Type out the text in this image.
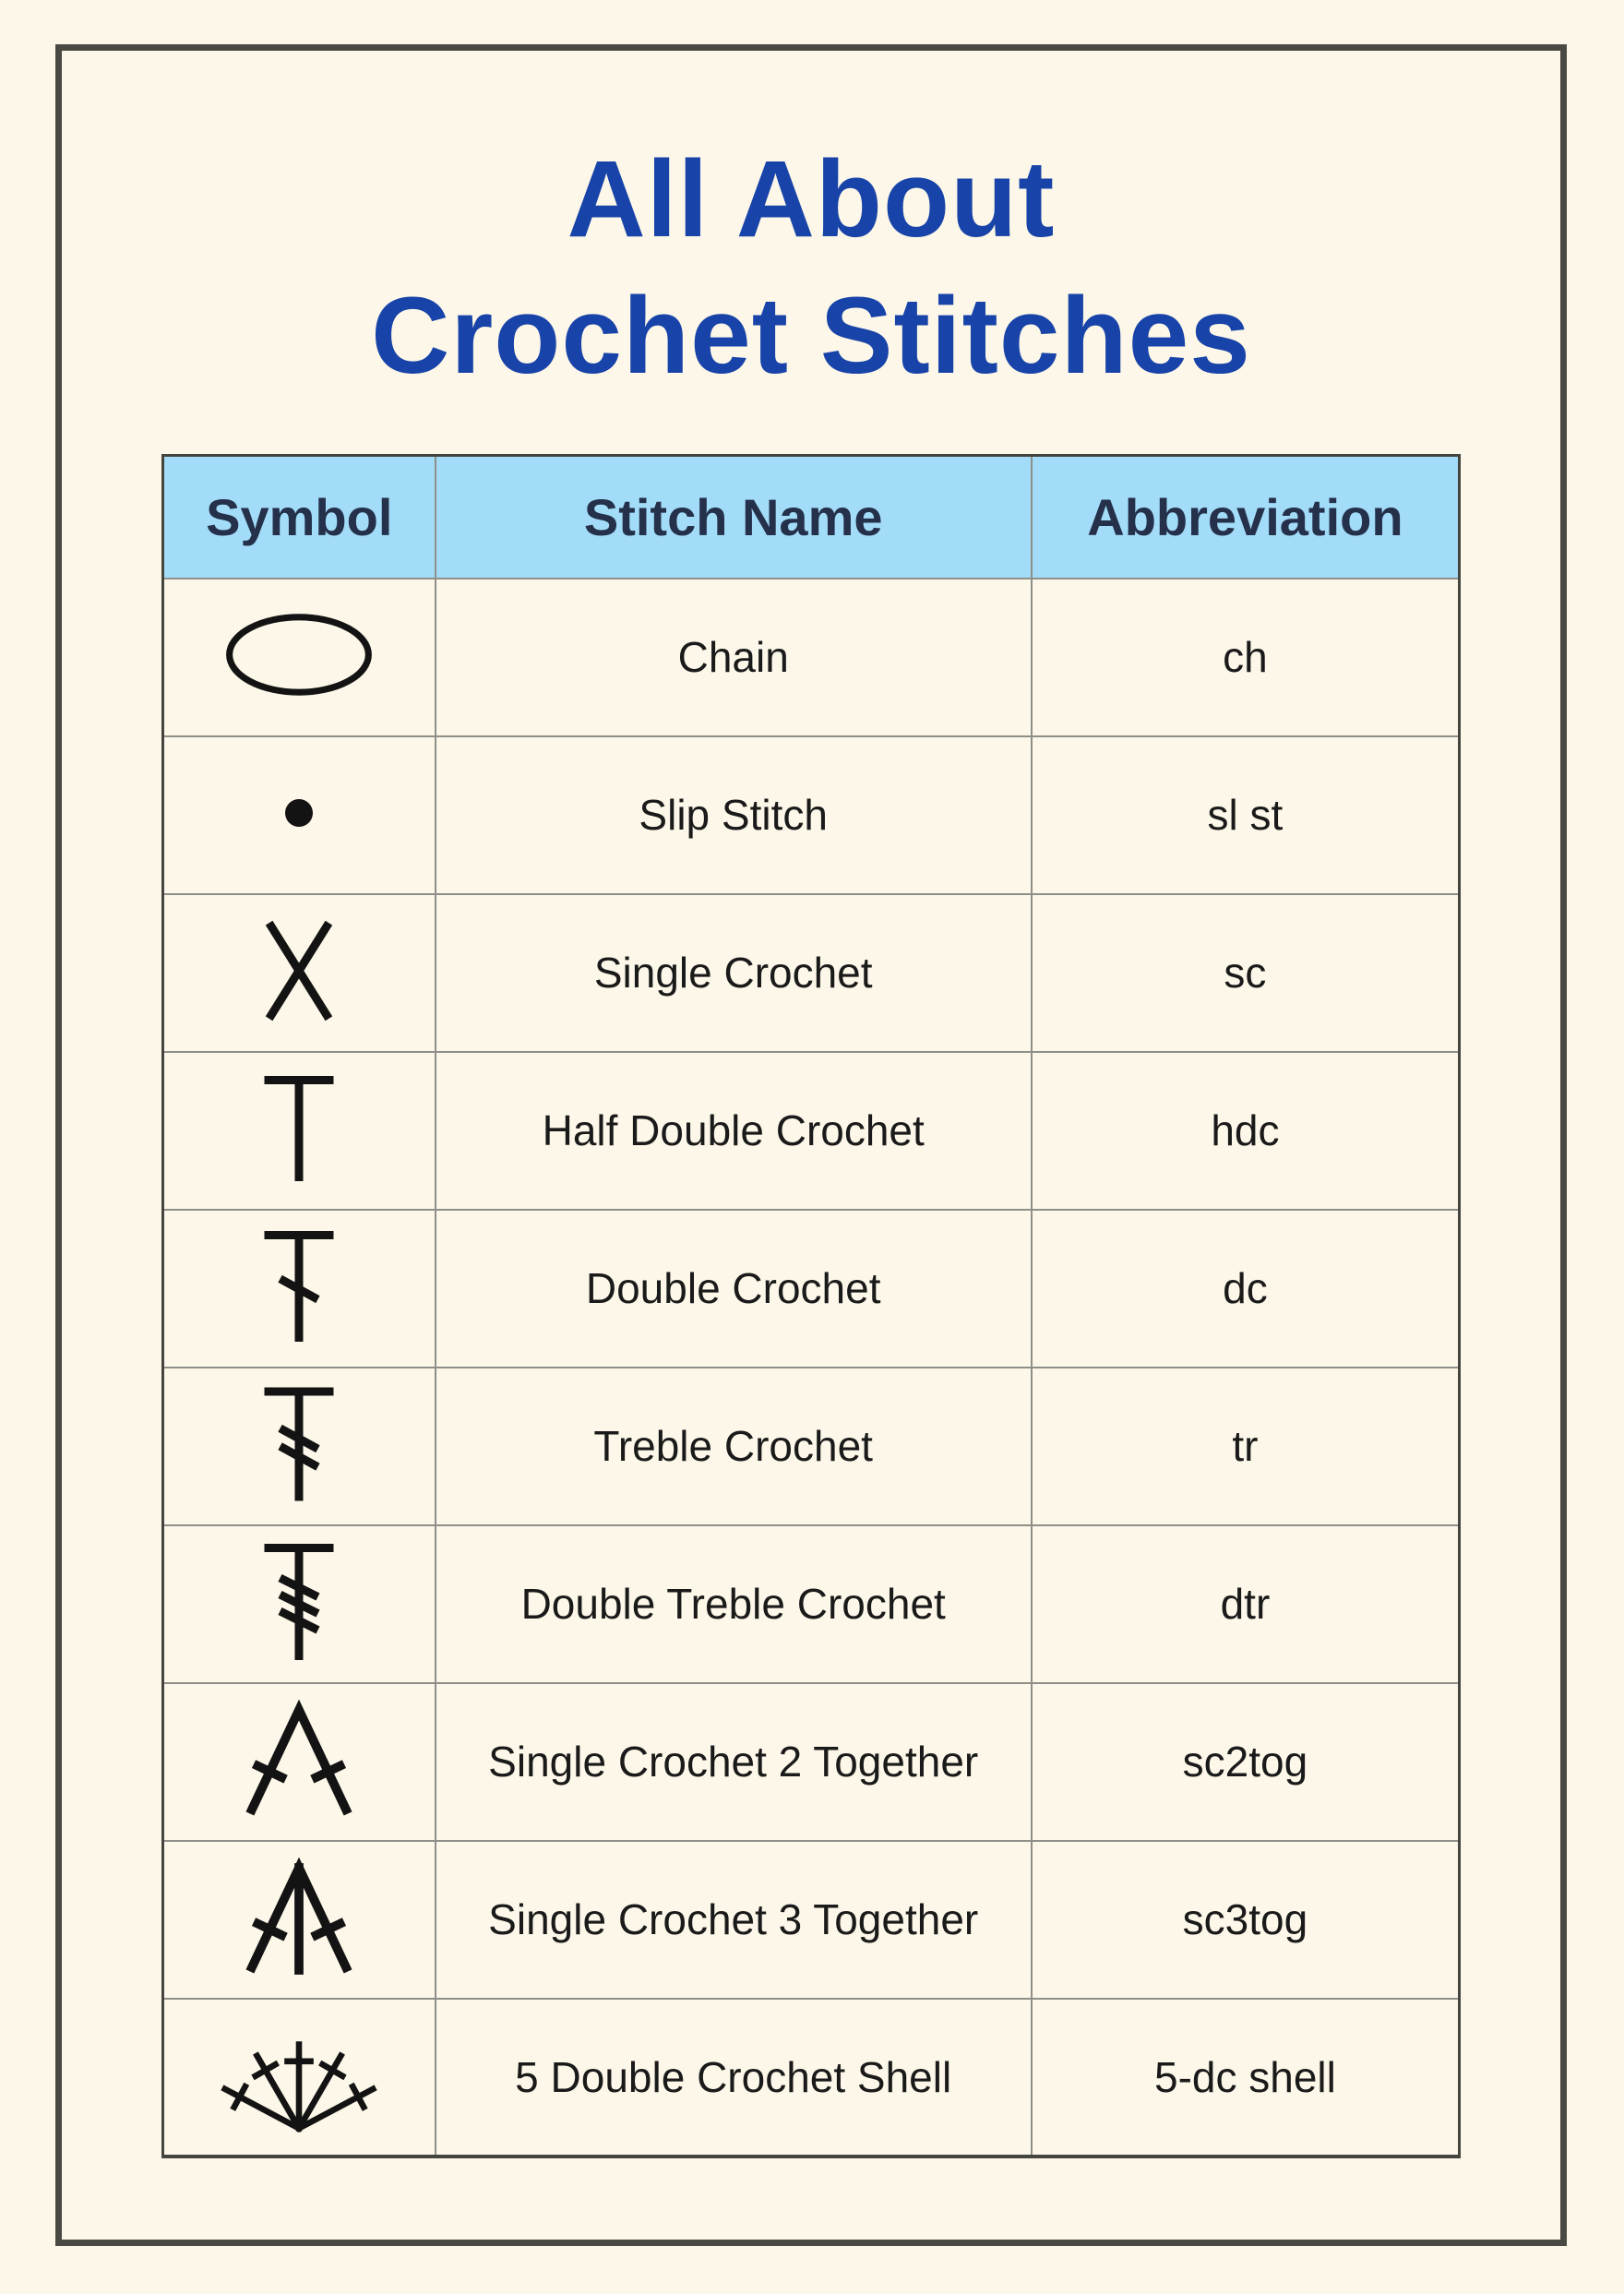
All About
Crochet Stitches
Symbol	Stitch Name	Abbreviation

	Chain	ch

	Slip Stitch	sl st

	Single Crochet	sc

	Half Double Crochet	hdc

	Double Crochet	dc

	Treble Crochet	tr

	Double Treble Crochet	dtr

	Single Crochet 2 Together	sc2tog

	Single Crochet 3 Together	sc3tog

	5 Double Crochet Shell	5-dc shell
